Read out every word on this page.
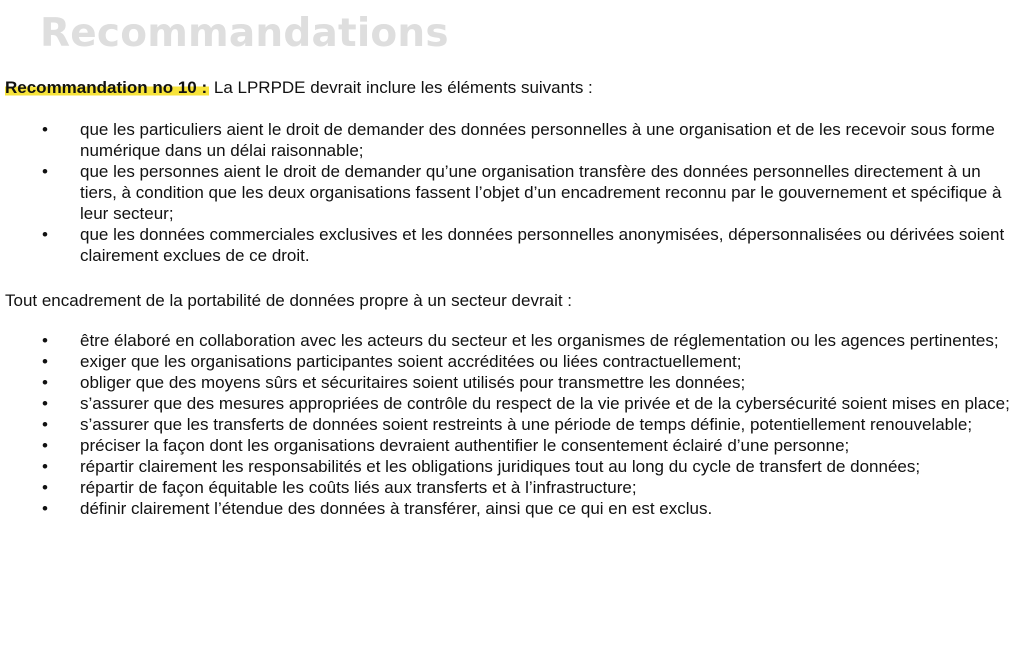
Recommandations

Recommandation no 10 : La LPRPDE devrait inclure les éléments suivants :

• que les particuliers aient le droit de demander des données personnelles à une organisation et de les recevoir sous forme numérique dans un délai raisonnable;
• que les personnes aient le droit de demander qu’une organisation transfère des données personnelles directement à un tiers, à condition que les deux organisations fassent l’objet d’un encadrement reconnu par le gouvernement et spécifique à leur secteur;
• que les données commerciales exclusives et les données personnelles anonymisées, dépersonnalisées ou dérivées soient clairement exclues de ce droit.

Tout encadrement de la portabilité de données propre à un secteur devrait :

• être élaboré en collaboration avec les acteurs du secteur et les organismes de réglementation ou les agences pertinentes;
• exiger que les organisations participantes soient accréditées ou liées contractuellement;
• obliger que des moyens sûrs et sécuritaires soient utilisés pour transmettre les données;
• s’assurer que des mesures appropriées de contrôle du respect de la vie privée et de la cybersécurité soient mises en place;
• s’assurer que les transferts de données soient restreints à une période de temps définie, potentiellement renouvelable;
• préciser la façon dont les organisations devraient authentifier le consentement éclairé d’une personne;
• répartir clairement les responsabilités et les obligations juridiques tout au long du cycle de transfert de données;
• répartir de façon équitable les coûts liés aux transferts et à l’infrastructure;
• définir clairement l’étendue des données à transférer, ainsi que ce qui en est exclus.
